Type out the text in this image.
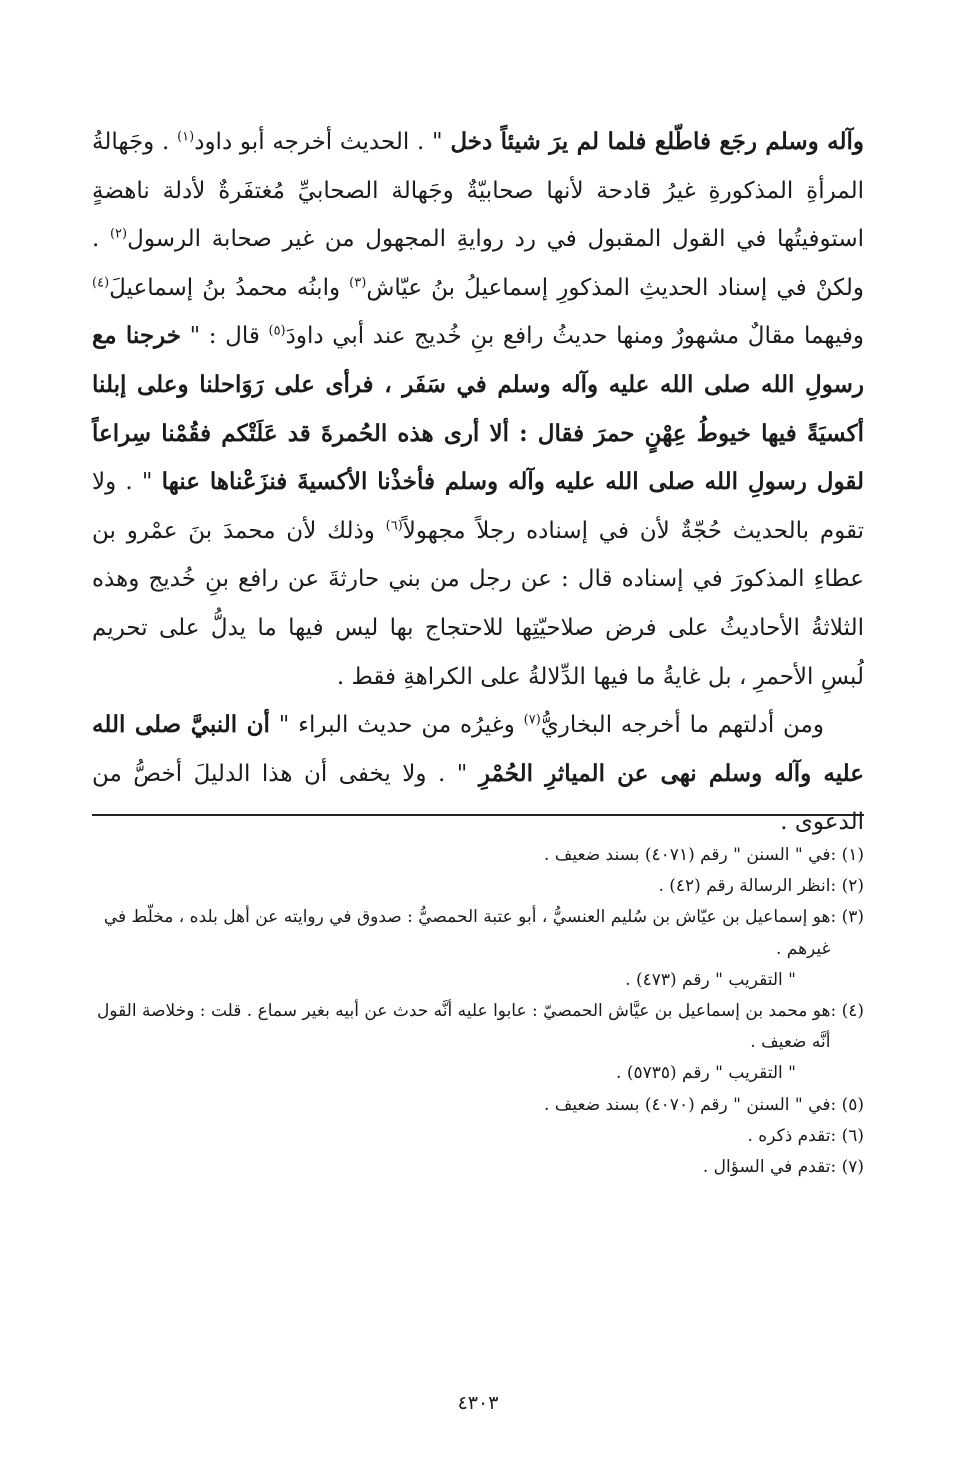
وآله وسلم رجَع فاطّلع فلما لم يرَ شيئاً دخل " . الحديث أخرجه أبو داود$^{(١)}$ . وجَهالةُ المرأةِ المذكورةِ غيرُ قادحة لأنها صحابيّةٌ وجَهالة الصحابيِّ مُغتفَرةٌ لأدلة ناهضةٍ استوفيتُها في القول المقبول في رد روايةِ المجهول من غير صحابة الرسول$^{(٢)}$ . ولكنْ في إسناد الحديثِ المذكورِ إسماعيلُ بنُ عيّاش$^{(٣)}$ وابنُه محمدُ بنُ إسماعيلَ$^{(٤)}$ وفيهما مقالٌ مشهورٌ ومنها حديثُ رافع بنِ خُديج عند أبي داودَ$^{(٥)}$ قال : " خرجنا مع رسولِ الله صلى الله عليه وآله وسلم في سَفَر ، فرأى على رَوَاحلنا وعلى إبلنا أكسيَةً فيها خيوطُ عِهْنٍ حمرَ فقال : ألا أرى هذه الحُمرةَ قد عَلَتْكم فقُمْنا سِراعاً لقول رسولِ الله صلى الله عليه وآله وسلم فأخذْنا الأكسيةَ فنزَعْناها عنها " . ولا تقوم بالحديث حُجّةٌ لأن في إسناده رجلاً مجهولاً$^{(٦)}$ وذلك لأن محمدَ بنَ عمْرو بن عطاءِ المذكورَ في إسناده قال : عن رجل من بني حارثةَ عن رافع بنِ خُديج وهذه الثلاثةُ الأحاديثُ على فرض صلاحيّتِها للاحتجاج بها ليس فيها ما يدلُّ على تحريم لُبسِ الأحمرِ ، بل غايةُ ما فيها الدِّلالةُ على الكراهةِ فقط .

ومن أدلتهم ما أخرجه البخاريُّ$^{(٧)}$ وغيرُه من حديث البراء " أن النبيَّ صلى الله عليه وآله وسلم نهى عن المياثرِ الحُمْرِ " . ولا يخفى أن هذا الدليلَ أخصُّ من الدعوى .

(١) :
في " السنن " رقم (٤٠٧١) بسند ضعيف .
(٢) :
انظر الرسالة رقم (٤٢) .
(٣) :
هو إسماعيل بن عيّاش بن سُليم العنسيُّ ، أبو عتبة الحمصيُّ : صدوق في روايته عن أهل بلده ، مخلّط في غيرهم .
" التقريب " رقم (٤٧٣) .
(٤) :
هو محمد بن إسماعيل بن عيَّاش الحمصيّ : عابوا عليه أنَّه حدث عن أبيه بغير سماع . قلت : وخلاصة القول أنَّه ضعيف .
" التقريب " رقم (٥٧٣٥) .
(٥) :
في " السنن " رقم (٤٠٧٠) بسند ضعيف .
(٦) :
تقدم ذكره .
(٧) :
تقدم في السؤال .
٤٣٠٣
